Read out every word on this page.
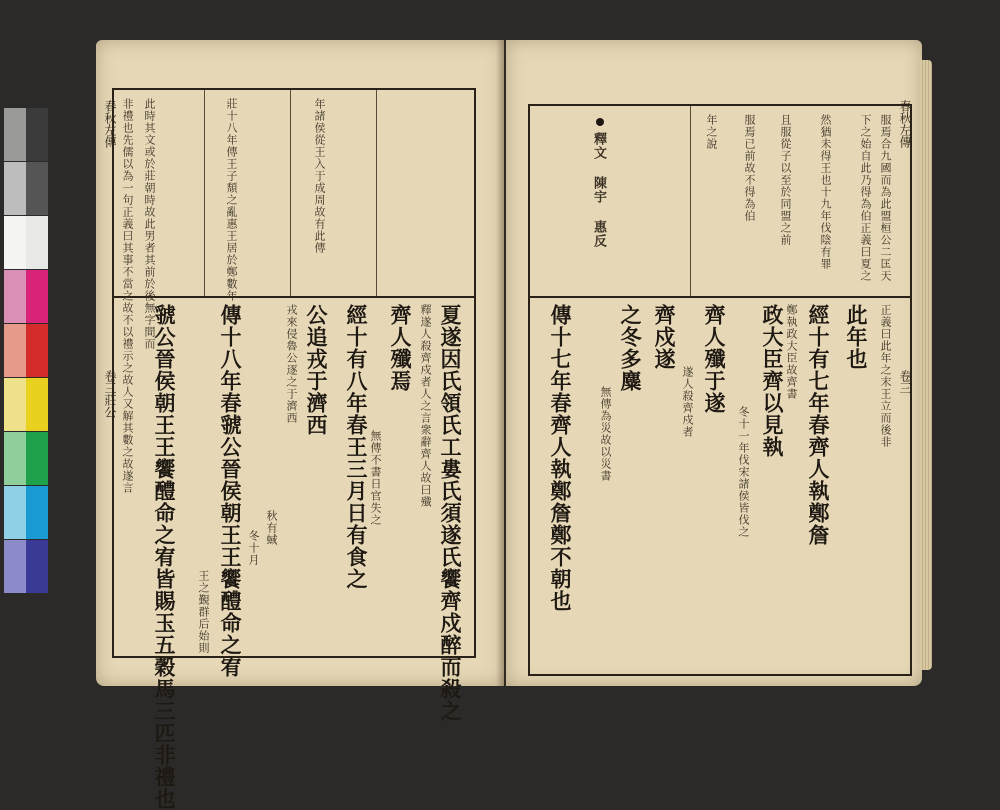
春秋左傳
卷三莊公 非禮也先儒以為一句正義曰其事不當之故不以禮示之故人又解其數之故遂言 此時其文或於莊朝時故此男者其前於後無字間而	莊十八年傳王子頹之亂惠王居於鄭數年	年諸侯從王入于成周故有此傳
夏遂因氏領氏工婁氏須遂氏饗齊戍醉而殺之
釋遂人殺齊戍者人之言衆辭齊人故曰殲
齊人殲焉
無傳不書日官失之
經十有八年春王三月日有食之
公追戎于濟西
戎來侵魯公逐之于濟西
秋有蜮
冬十月
傳十八年春虢公晉侯朝王王饗醴命之宥
王之覲群后始則
虢公晉侯朝王王饗醴命之宥皆賜玉五穀馬三匹非禮也
春秋左傳
卷三
釋文 陳宇 惠反	服焉合九國而為此盟桓公二匡天
下之始自此乃得為伯正義曰夏之
然猶未得王也十九年伐陰有罪
且服從子以至於同盟之前
服焉已前故不得為伯
年之說
正義曰此年之末王立而後非
此年也
經十有七年春齊人執鄭詹
鄭執政大臣故齊書
政大臣齊以見執
冬十一年伐宋諸侯皆伐之
齊人殲于遂
遂人殺齊戍者
齊戍遂
之冬多麋
無傳為災故以災書
傳十七年春齊人執鄭詹鄭不朝也
